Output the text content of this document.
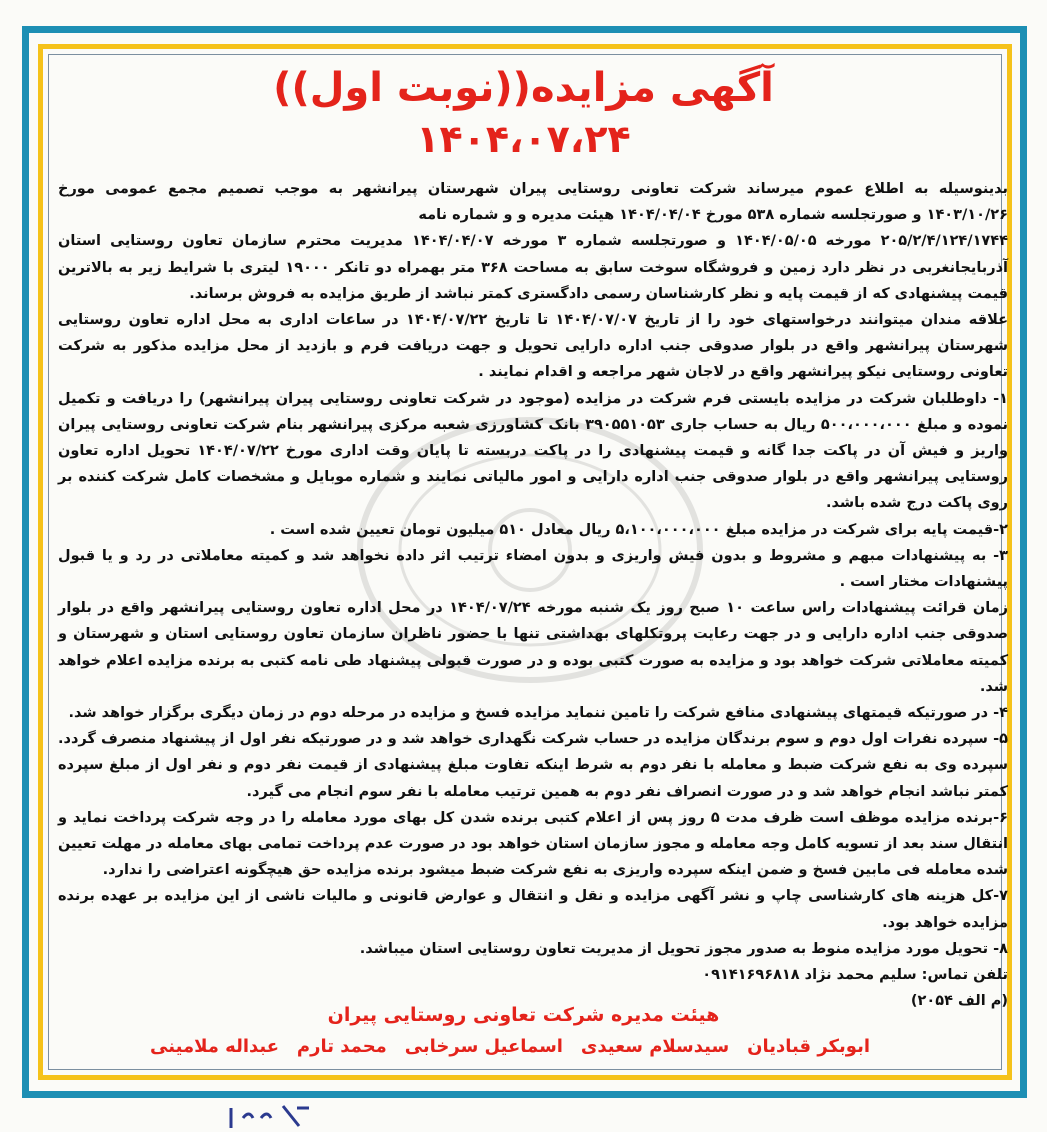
آگهی مزایده((نوبت اول))
۱۴۰۴،۰۷،۲۴

بدینوسیله به اطلاع عموم میرساند شرکت تعاونی روستایی پیران شهرستان پیرانشهر به موجب تصمیم مجمع عمومی مورخ ۱۴۰۳/۱۰/۲۶ و صورتجلسه شماره ۵۳۸ مورخ ۱۴۰۴/۰۴/۰۴ هیئت مدیره و و شماره نامه

۲۰۵/۲/۴/۱۲۴/۱۷۴۴ مورخه ۱۴۰۴/۰۵/۰۵ و صورتجلسه شماره ۳ مورخه ۱۴۰۴/۰۴/۰۷ مدیریت محترم سازمان تعاون روستایی استان آذربایجانغربی در نظر دارد زمین و فروشگاه سوخت سابق به مساحت ۳۶۸ متر بهمراه دو تانکر ۱۹۰۰۰ لیتری با شرایط زیر به بالاترین قیمت پیشنهادی که از قیمت پایه و نظر کارشناسان رسمی دادگستری کمتر نباشد از طریق مزایده به فروش برساند.

علاقه مندان میتوانند درخواستهای خود را از تاریخ ۱۴۰۴/۰۷/۰۷ تا تاریخ ۱۴۰۴/۰۷/۲۲ در ساعات اداری به محل اداره تعاون روستایی شهرستان پیرانشهر واقع در بلوار صدوقی جنب اداره دارایی تحویل و جهت دریافت فرم و بازدید از محل مزایده مذکور به شرکت تعاونی روستایی نیکو پیرانشهر واقع در لاجان شهر مراجعه و اقدام نمایند .

۱- داوطلبان شرکت در مزایده بایستی فرم شرکت در مزایده (موجود در شرکت تعاونی روستایی پیران پیرانشهر) را دریافت و تکمیل نموده و مبلغ ۵۰۰،۰۰۰،۰۰۰ ریال به حساب جاری ۳۹۰۵۵۱۰۵۳ بانک کشاورزی شعبه مرکزی پیرانشهر بنام شرکت تعاونی روستایی پیران واریز و فیش آن در پاکت جدا گانه و قیمت پیشنهادی را در پاکت دربسته تا پایان وقت اداری مورخ ۱۴۰۴/۰۷/۲۲ تحویل اداره تعاون روستایی پیرانشهر واقع در بلوار صدوقی جنب اداره دارایی و امور مالیاتی نمایند و شماره موبایل و مشخصات کامل شرکت کننده بر روی پاکت درج شده باشد.

۲-قیمت پایه برای شرکت در مزایده مبلغ ۵،۱۰۰،۰۰۰،۰۰۰ ریال معادل ۵۱۰ میلیون تومان تعیین شده است .

۳- به پیشنهادات مبهم و مشروط و بدون فیش واریزی و بدون امضاء ترتیب اثر داده نخواهد شد و کمیته معاملاتی در رد و یا قبول پیشنهادات مختار است .

زمان قرائت پیشنهادات راس ساعت ۱۰ صبح روز یک شنبه مورخه ۱۴۰۴/۰۷/۲۴ در محل اداره تعاون روستایی پیرانشهر واقع در بلوار صدوقی جنب اداره دارایی و در جهت رعایت پروتکلهای بهداشتی تنها با حضور ناظران سازمان تعاون روستایی استان و شهرستان و کمیته معاملاتی شرکت خواهد بود و مزایده به صورت کتبی بوده و در صورت قبولی پیشنهاد طی نامه کتبی به برنده مزایده اعلام خواهد شد.

۴- در صورتیکه قیمتهای پیشنهادی منافع شرکت را تامین ننماید مزایده فسخ و مزایده در مرحله دوم در زمان دیگری برگزار خواهد شد.

۵- سپرده نفرات اول دوم و سوم برندگان مزایده در حساب شرکت نگهداری خواهد شد و در صورتیکه نفر اول از پیشنهاد منصرف گردد. سپرده وی به نفع شرکت ضبط و معامله با نفر دوم به شرط اینکه تفاوت مبلغ پیشنهادی از قیمت نفر دوم و نفر اول از مبلغ سپرده کمتر نباشد انجام خواهد شد و در صورت انصراف نفر دوم به همین ترتیب معامله با نفر سوم انجام می گیرد.

۶-برنده مزایده موظف است ظرف مدت ۵ روز پس از اعلام کتبی برنده شدن کل بهای مورد معامله را در وجه شرکت پرداخت نماید و انتقال سند بعد از تسویه کامل وجه معامله و مجوز سازمان استان خواهد بود در صورت عدم پرداخت تمامی بهای معامله در مهلت تعیین شده معامله فی مابین فسخ و ضمن اینکه سپرده واریزی به نفع شرکت ضبط میشود برنده مزایده حق هیچگونه اعتراضی را ندارد.

۷-کل هزینه های کارشناسی چاپ و نشر آگهی مزایده و نقل و انتقال و عوارض قانونی و مالیات ناشی از این مزایده بر عهده برنده مزایده خواهد بود.

۸- تحویل مورد مزایده منوط به صدور مجوز تحویل از مدیریت تعاون روستایی استان میباشد.

تلفن تماس: سلیم محمد نژاد ۰۹۱۴۱۶۹۶۸۱۸

(م الف ۲۰۵۴)

هیئت مدیره شرکت تعاونی روستایی پیران
ابوبکر قبادیان
سیدسلام سعیدی
اسماعیل سرخابی
محمد تارم
عبداله ملامینی
